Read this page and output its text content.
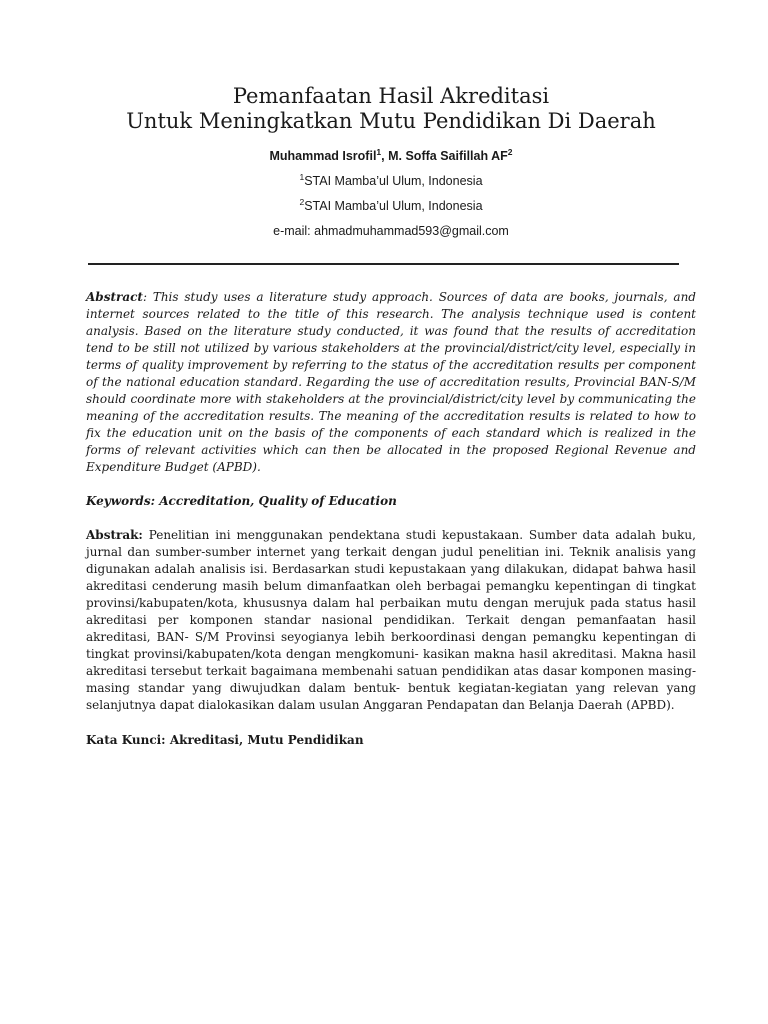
Pemanfaatan Hasil Akreditasi
Untuk Meningkatkan Mutu Pendidikan Di Daerah
Muhammad Isrofil$^1$, M. Soffa Saifillah $AF^2$
$^1$STAI Mamba’ul Ulum, Indonesia
$^2$STAI Mamba’ul Ulum, Indonesia
e-mail: ahmadmuhammad593@gmail.com

Abstract: This study uses a literature study approach. Sources of data are books, journals, and internet sources related to the title of this research. The analysis technique used is content analysis. Based on the literature study conducted, it was found that the results of accreditation tend to be still not utilized by various stakeholders at the provincial/district/city level, especially in terms of quality improvement by referring to the status of the accreditation results per component of the national education standard. Regarding the use of accreditation results, Provincial BAN-S/M should coordinate more with stakeholders at the provincial/district/city level by communicating the meaning of the accreditation results. The meaning of the accreditation results is related to how to fix the education unit on the basis of the components of each standard which is realized in the forms of relevant activities which can then be allocated in the proposed Regional Revenue and Expenditure Budget (APBD).

Keywords: Accreditation, Quality of Education

Abstrak: Penelitian ini menggunakan pendektana studi kepustakaan. Sumber data adalah buku, jurnal dan sumber-sumber internet yang terkait dengan judul penelitian ini. Teknik analisis yang digunakan adalah analisis isi. Berdasarkan studi kepustakaan yang dilakukan, didapat bahwa hasil akreditasi cenderung masih belum dimanfaatkan oleh berbagai pemangku kepentingan di tingkat provinsi/kabupaten/kota, khususnya dalam hal perbaikan mutu dengan merujuk pada status hasil akreditasi per komponen standar nasional pendidikan. Terkait dengan pemanfaatan hasil akreditasi, BAN- S/M Provinsi seyogianya lebih berkoordinasi dengan pemangku kepentingan di tingkat provinsi/kabupaten/kota dengan mengkomuni- kasikan makna hasil akreditasi. Makna hasil akreditasi tersebut terkait bagaimana membenahi satuan pendidikan atas dasar komponen masing- masing standar yang diwujudkan dalam bentuk- bentuk kegiatan-kegiatan yang relevan yang selanjutnya dapat dialokasikan dalam usulan Anggaran Pendapatan dan Belanja Daerah (APBD).

Kata Kunci: Akreditasi, Mutu Pendidikan
